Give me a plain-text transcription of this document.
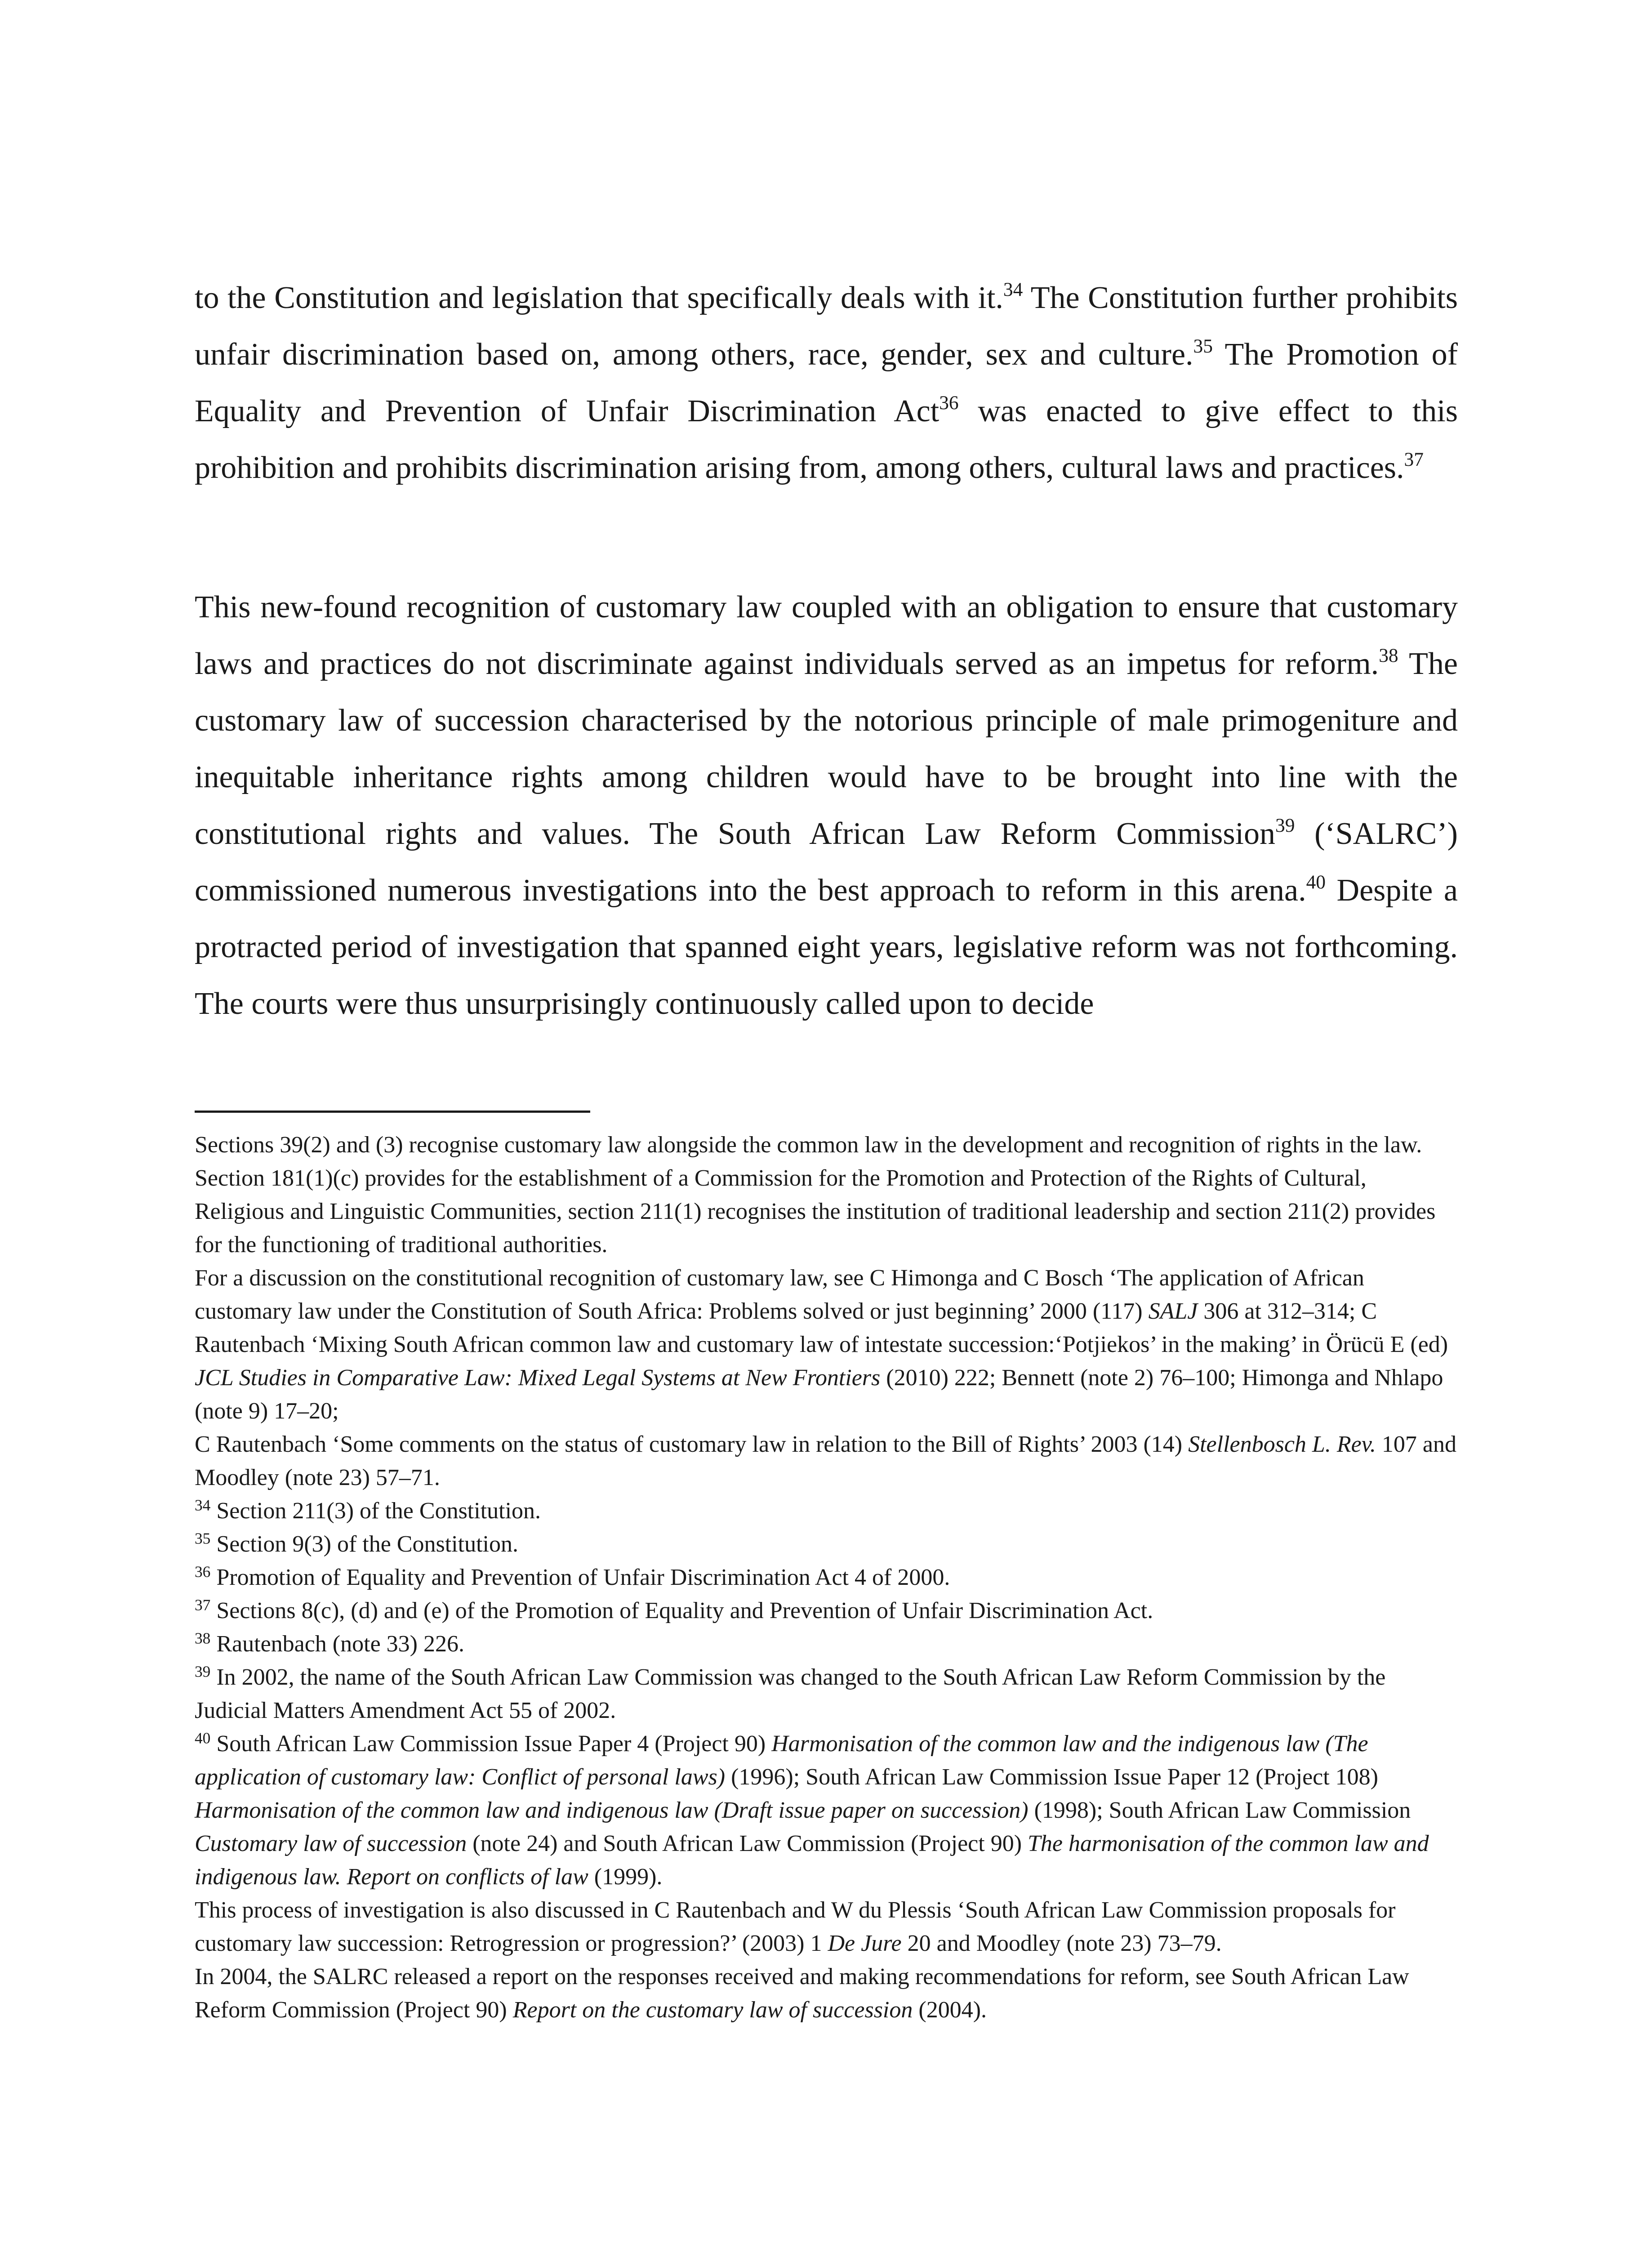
to the Constitution and legislation that specifically deals with it.$^{34}$ The Constitution further prohibits unfair discrimination based on, among others, race, gender, sex and culture.$^{35}$ The Promotion of Equality and Prevention of Unfair Discrimination Act$^{36}$ was enacted to give effect to this prohibition and prohibits discrimination arising from, among others, cultural laws and practices.$^{37}$

This new-found recognition of customary law coupled with an obligation to ensure that customary laws and practices do not discriminate against individuals served as an impetus for reform.$^{38}$ The customary law of succession characterised by the notorious principle of male primogeniture and inequitable inheritance rights among children would have to be brought into line with the constitutional rights and values. The South African Law Reform Commission$^{39}$ (‘SALRC’) commissioned numerous investigations into the best approach to reform in this arena.$^{40}$ Despite a protracted period of investigation that spanned eight years, legislative reform was not forthcoming. The courts were thus unsurprisingly continuously called upon to decide

Sections 39(2) and (3) recognise customary law alongside the common law in the development and recognition of rights in the law.

Section 181(1)(c) provides for the establishment of a Commission for the Promotion and Protection of the Rights of Cultural, Religious and Linguistic Communities, section 211(1) recognises the institution of traditional leadership and section 211(2) provides for the functioning of traditional authorities.

For a discussion on the constitutional recognition of customary law, see C Himonga and C Bosch ‘The application of African customary law under the Constitution of South Africa: Problems solved or just beginning’ 2000 (117) SALJ 306 at 312–314; C Rautenbach ‘Mixing South African common law and customary law of intestate succession:‘Potjiekos’ in the making’ in Örücü E (ed) JCL Studies in Comparative Law: Mixed Legal Systems at New Frontiers (2010) 222; Bennett (note 2) 76–100; Himonga and Nhlapo (note 9) 17–20;

C Rautenbach ‘Some comments on the status of customary law in relation to the Bill of Rights’ 2003 (14) Stellenbosch L. Rev. 107 and Moodley (note 23) 57–71.

$^{34}$ Section 211(3) of the Constitution.

$^{35}$ Section 9(3) of the Constitution.

$^{36}$ Promotion of Equality and Prevention of Unfair Discrimination Act 4 of 2000.

$^{37}$ Sections 8(c), (d) and (e) of the Promotion of Equality and Prevention of Unfair Discrimination Act.

$^{38}$ Rautenbach (note 33) 226.

$^{39}$ In 2002, the name of the South African Law Commission was changed to the South African Law Reform Commission by the Judicial Matters Amendment Act 55 of 2002.

$^{40}$ South African Law Commission Issue Paper 4 (Project 90) Harmonisation of the common law and the indigenous law (The application of customary law: Conflict of personal laws) (1996); South African Law Commission Issue Paper 12 (Project 108) Harmonisation of the common law and indigenous law (Draft issue paper on succession) (1998); South African Law Commission Customary law of succession (note 24) and South African Law Commission (Project 90) The harmonisation of the common law and indigenous law. Report on conflicts of law (1999).

This process of investigation is also discussed in C Rautenbach and W du Plessis ‘South African Law Commission proposals for customary law succession: Retrogression or progression?’ (2003) 1 De Jure 20 and Moodley (note 23) 73–79.

In 2004, the SALRC released a report on the responses received and making recommendations for reform, see South African Law Reform Commission (Project 90) Report on the customary law of succession (2004).
